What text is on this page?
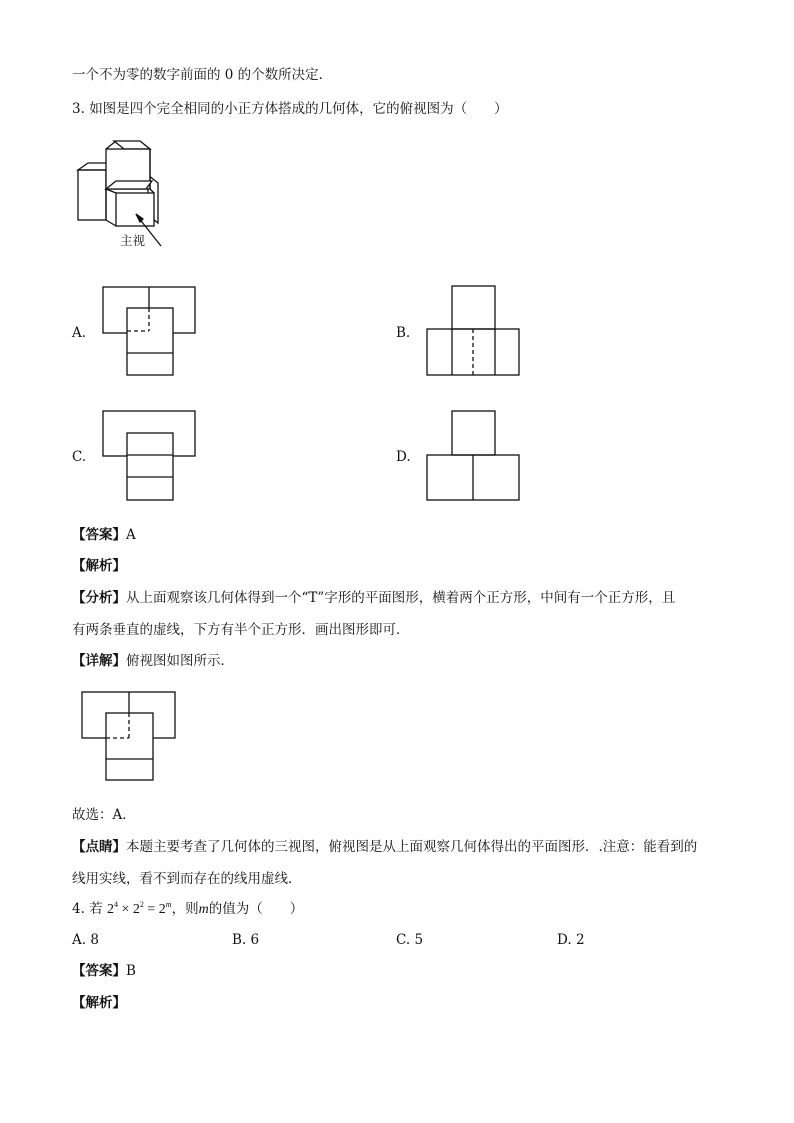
一个不为零的数字前面的 0 的个数所决定．
3. 如图是四个完全相同的小正方体搭成的几何体，它的俯视图为（　　）
主视
A.	B.
C.	D.
【答案】A
【解析】
【分析】从上面观察该几何体得到一个“T”字形的平面图形，横着两个正方形，中间有一个正方形，且
有两条垂直的虚线，下方有半个正方形．画出图形即可．
【详解】俯视图如图所示．
故选：A．
【点睛】本题主要考查了几何体的三视图，俯视图是从上面观察几何体得出的平面图形．.注意：能看到的
线用实线，看不到而存在的线用虚线．
4. 若 $2^4 \times 2^2 = 2^m$，则m的值为（　　）
A. 8	B. 6	C. 5	D. 2
【答案】B
【解析】
